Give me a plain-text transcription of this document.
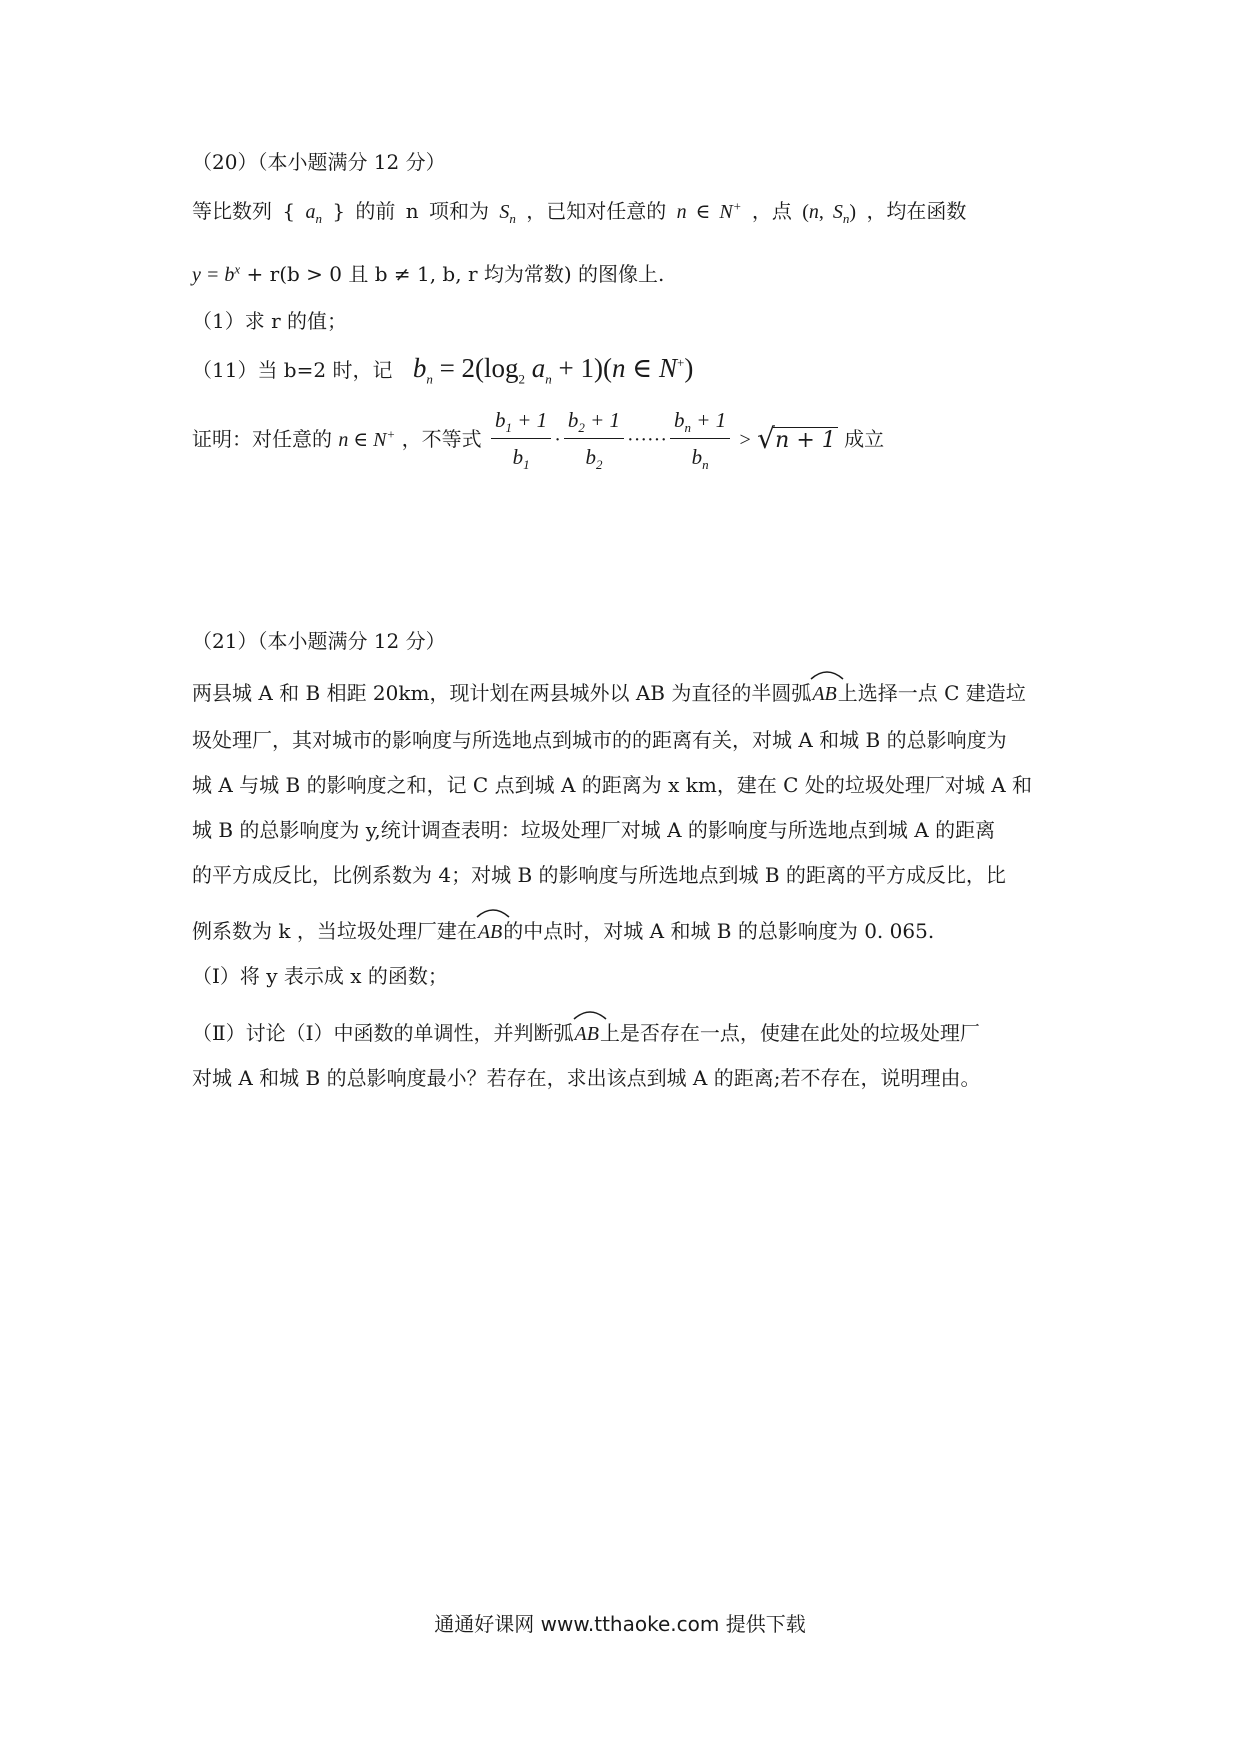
（20）（本小题满分 12 分）
等比数列 { $a_n$ } 的前 n 项和为 $S_n$ ，已知对任意的 n ∈ N+ ，点 (n, $S_n$) ，均在函数
$y = b^x + r(b > 0$ 且 b ≠ 1, b, r 均为常数) 的图像上.
（1）求 r 的值；
（11）当 b=2 时，记 $b_n = 2(\log_2$ $a_n + 1)(n$ ∈ N+)
证明：对任意的 n ∈ N+ ，不等式 $\frac{b_1 + 1}{b_1} \cdot \frac{b_2 + 1}{b_2}$ ······ $\frac{b_n + 1}{b_n}$ > √ n + 1 成立
（21）（本小题满分 12 分）
两县城 A 和 B 相距 20km，现计划在两县城外以 AB 为直径的半圆弧
AB上选择一点 C 建造垃
圾处理厂，其对城市的影响度与所选地点到城市的的距离有关，对城 A 和城 B 的总影响度为
城 A 与城 B 的影响度之和，记 C 点到城 A 的距离为 x km，建在 C 处的垃圾处理厂对城 A 和
城 B 的总影响度为 y,统计调查表明：垃圾处理厂对城 A 的影响度与所选地点到城 A 的距离
的平方成反比，比例系数为 4；对城 B 的影响度与所选地点到城 B 的距离的平方成反比，比
例系数为 k ，当垃圾处理厂建在
AB的中点时，对城 A 和城 B 的总影响度为 0. 065.
（I）将 y 表示成 x 的函数；
（Ⅱ）讨论（I）中函数的单调性，并判断弧
AB上是否存在一点，使建在此处的垃圾处理厂
对城 A 和城 B 的总影响度最小？若存在，求出该点到城 A 的距离;若不存在，说明理由。
通通好课网 www.tthaoke.com 提供下载
